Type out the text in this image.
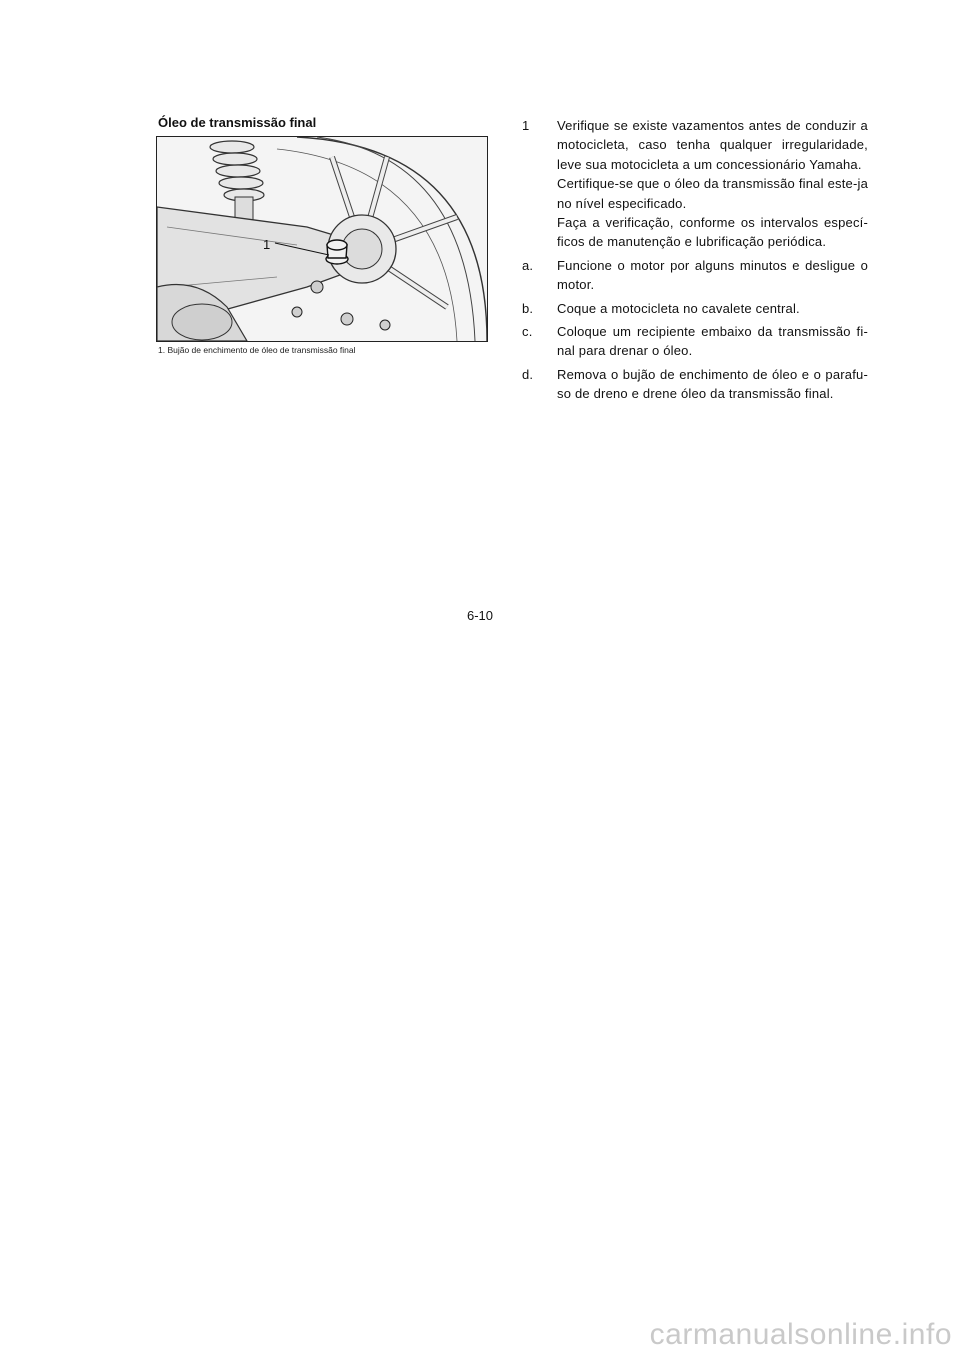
Óleo de transmissão final
1
1. Bujão de enchimento de óleo de transmissão final
1	Verifique se existe vazamentos antes de conduzir a motocicleta, caso tenha qualquer irregularidade, leve sua motocicleta a um concessionário Yamaha.

Certifique-se que o óleo da transmissão final este-ja no nível especificado.

Faça a verificação, conforme os intervalos especí-ficos de manutenção e lubrificação periódica.

a.	Funcione o motor por alguns minutos e desligue o motor.

b.	Coque a motocicleta no cavalete central.

c.	Coloque um recipiente embaixo da transmissão fi-nal para drenar o óleo.

d.	Remova o bujão de enchimento de óleo e o parafu-so de dreno e drene óleo da transmissão final.

6-10
carmanualsonline.info
